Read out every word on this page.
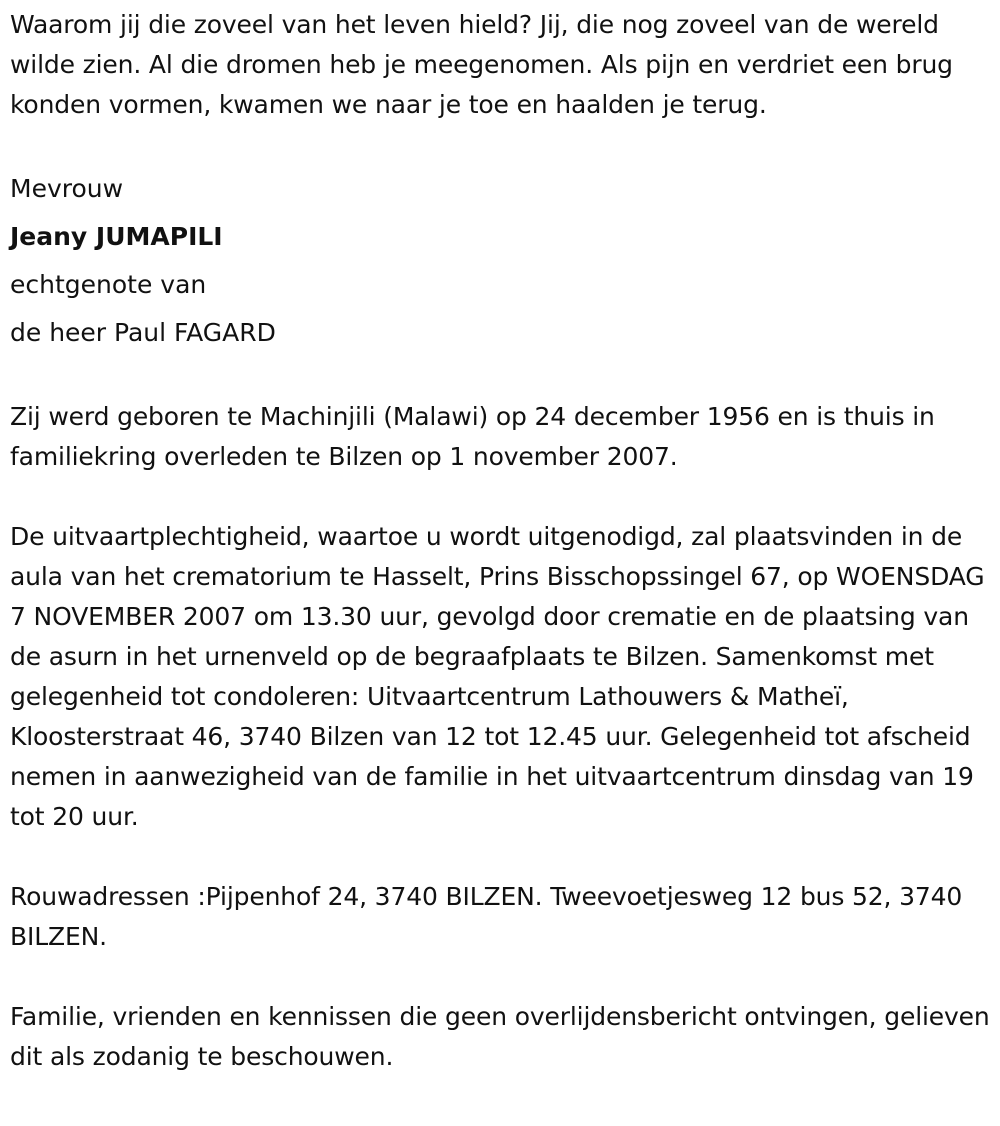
Waarom jij die zoveel van het leven hield? Jij, die nog zoveel van de wereld wilde zien. Al die dromen heb je meegenomen. Als pijn en verdriet een brug konden vormen, kwamen we naar je toe en haalden je terug.

Mevrouw

Jeany JUMAPILI

echtgenote van

de heer Paul FAGARD

Zij werd geboren te Machinjili (Malawi) op 24 december 1956 en is thuis in familiekring overleden te Bilzen op 1 november 2007.

De uitvaartplechtigheid, waartoe u wordt uitgenodigd, zal plaatsvinden in de aula van het crematorium te Hasselt, Prins Bisschopssingel 67, op WOENSDAG 7 NOVEMBER 2007 om 13.30 uur, gevolgd door crematie en de plaatsing van de asurn in het urnenveld op de begraafplaats te Bilzen. Samenkomst met gelegenheid tot condoleren: Uitvaartcentrum Lathouwers & Matheï, Kloosterstraat 46, 3740 Bilzen van 12 tot 12.45 uur. Gelegenheid tot afscheid nemen in aanwezigheid van de familie in het uitvaartcentrum dinsdag van 19 tot 20 uur.

Rouwadressen :Pijpenhof 24, 3740 BILZEN. Tweevoetjesweg 12 bus 52, 3740 BILZEN.

Familie, vrienden en kennissen die geen overlijdensbericht ontvingen, gelieven dit als zodanig te beschouwen.
